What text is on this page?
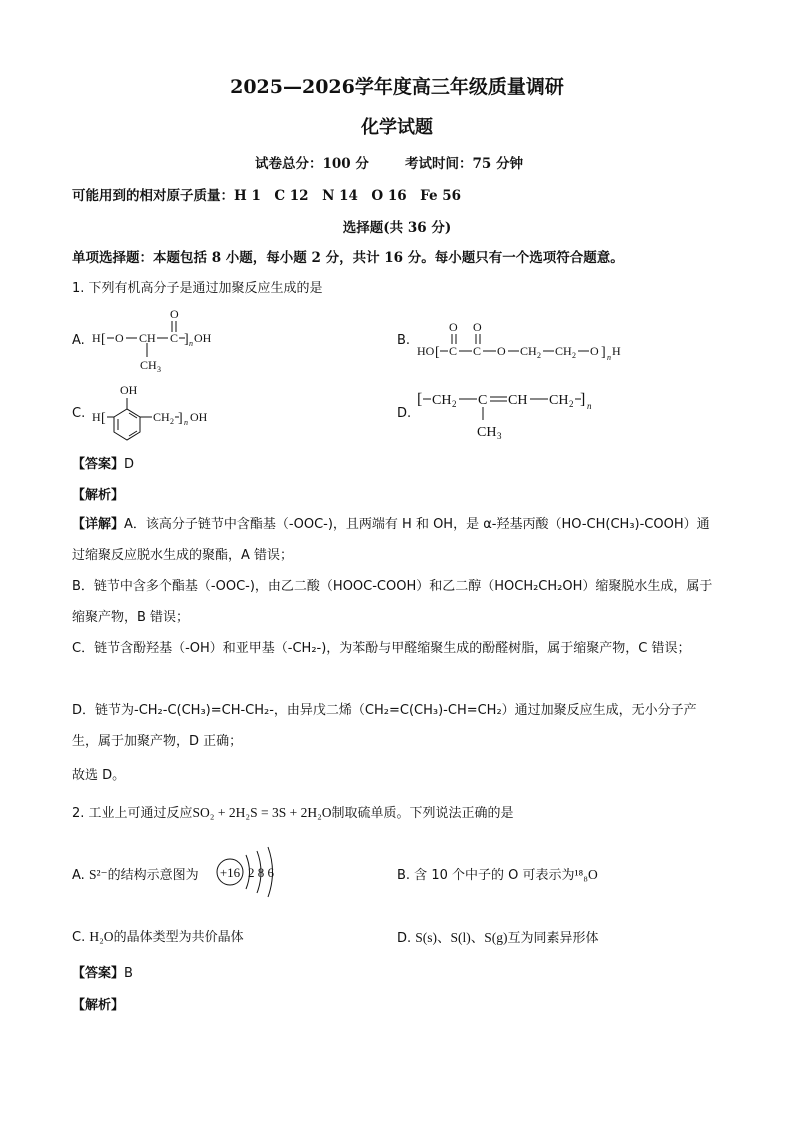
2025—2026学年度高三年级质量调研
化学试题
试卷总分：100 分	考试时间：75 分钟
可能用到的相对原子质量：H 1　C 12　N 14　O 16　Fe 56
选择题(共 36 分)
单项选择题：本题包括 8 小题，每小题 2 分，共计 16 分。每小题只有一个选项符合题意。
1. 下列有机高分子是通过加聚反应生成的是
A. H [ O CH
CH 3
C
O
] n OH	B.
HO [ C
O
C
O
O CH 2 CH 2 O ] n H
C. H [
OH
CH 2 ] n OH	D.
[ CH 2 C CH CH 2 ] n
CH 3
【答案】D
【解析】
【详解】A．该高分子链节中含酯基（-OOC-)，且两端有 H 和 OH，是 α-羟基丙酸（HO-CH(CH₃)-COOH）通过缩聚反应脱水生成的聚酯，A 错误；
B．链节中含多个酯基（-OOC-)，由乙二酸（HOOC-COOH）和乙二醇（HOCH₂CH₂OH）缩聚脱水生成，属于缩聚产物，B 错误；
C．链节含酚羟基（-OH）和亚甲基（-CH₂-)，为苯酚与甲醛缩聚生成的酚醛树脂，属于缩聚产物，C 错误；
D．链节为-CH₂-C(CH₃)=CH-CH₂-，由异戊二烯（CH₂=C(CH₃)-CH=CH₂）通过加聚反应生成，无小分子产生，属于加聚产物，D 正确；
故选 D。
2. 工业上可通过反应SO₂ + 2H₂S = 3S + 2H₂O制取硫单质。下列说法正确的是
A. S²⁻的结构示意图为 +16 2 8 6	B. 含 10 个中子的 O 可表示为¹⁸₈O
C. H₂O的晶体类型为共价晶体	D. S(s)、S(l)、S(g)互为同素异形体
【答案】B
【解析】
